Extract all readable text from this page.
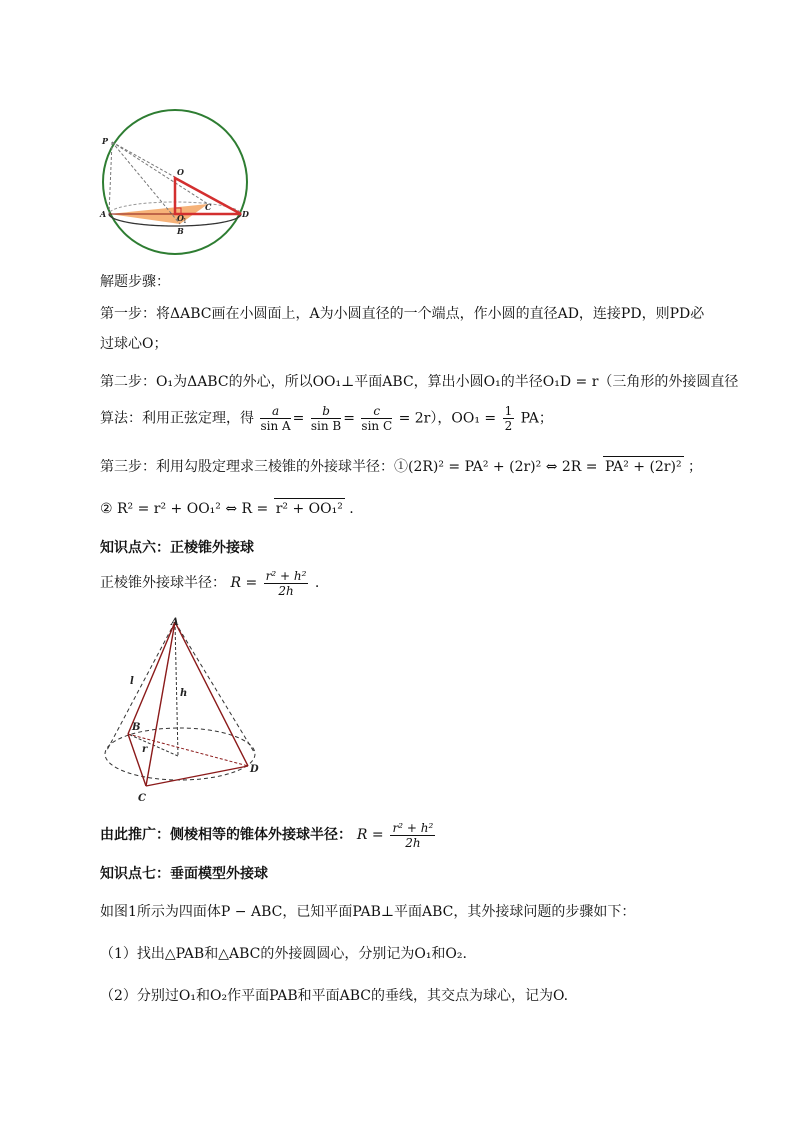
P
O
C
A	O 1
B
D
解题步骤：
第一步：将ΔABC画在小圆面上，A为小圆直径的一个端点，作小圆的直径AD，连接PD，则PD必
过球心O；
第二步：O₁为ΔABC的外心，所以OO₁⊥平面ABC，算出小圆O₁的半径O₁D = r（三角形的外接圆直径
算法：利用正弦定理，得 $\frac{a}{\text{sin A}} = \frac{b}{\text{sin B}} = \frac{c}{\text{sin C}} = 2r$），$OO_1 = \frac{1}{2}$ PA；
第三步：利用勾股定理求三棱锥的外接球半径：①(2R)² = PA² + (2r)² ⇔ 2R = PA² + (2r)² ；
② R² = r² + OO₁² ⇔ R = r² + OO₁² .
知识点六：正棱锥外接球
正棱锥外接球半径： $R = \frac{\text{r² + h²}}{2h}$ .
A
l
h
B
r
D
C
由此推广：侧棱相等的锥体外接球半径： $R = \frac{\text{r² + h²}}{2h}$
知识点七：垂面模型外接球
如图1所示为四面体P − ABC，已知平面PAB⊥平面ABC，其外接球问题的步骤如下：
（1）找出△PAB和△ABC的外接圆圆心，分别记为O₁和O₂.
（2）分别过O₁和O₂作平面PAB和平面ABC的垂线，其交点为球心，记为O.
